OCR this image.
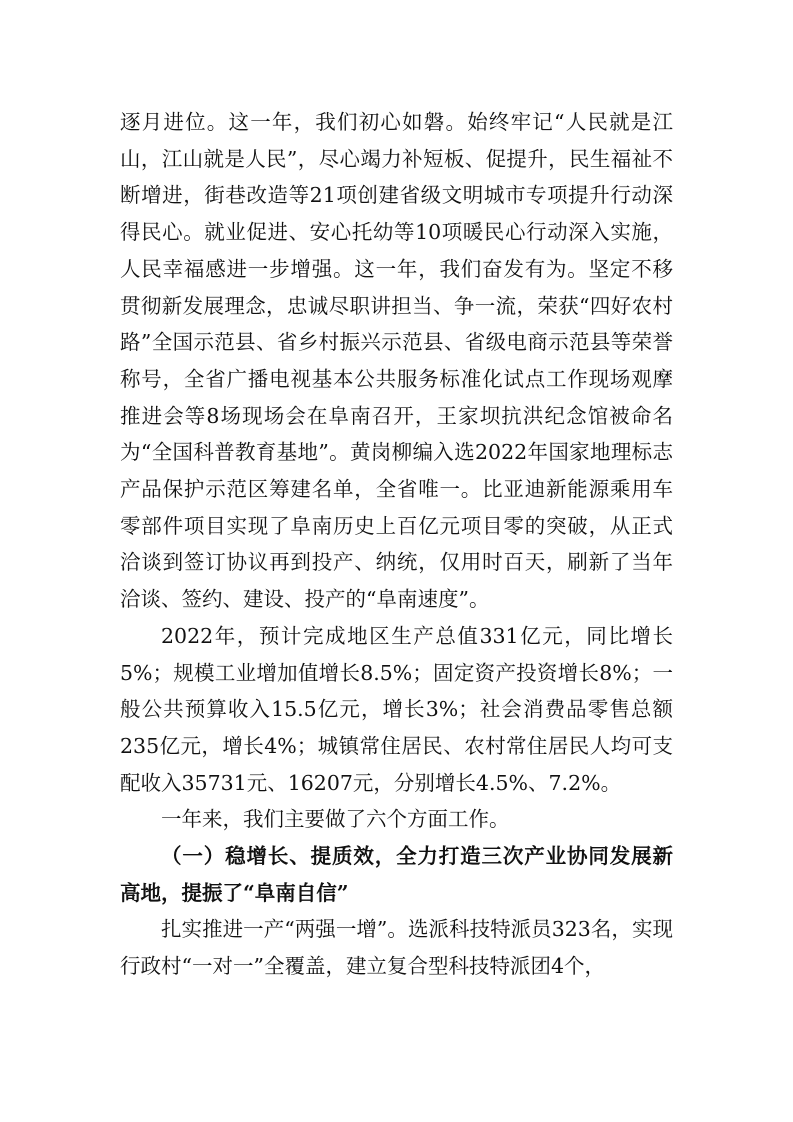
逐月进位。这一年，我们初心如磐。始终牢记“人民就是江山，江山就是人民”，尽心竭力补短板、促提升，民生福祉不断增进，街巷改造等21项创建省级文明城市专项提升行动深得民心。就业促进、安心托幼等10项暖民心行动深入实施，人民幸福感进一步增强。这一年，我们奋发有为。坚定不移贯彻新发展理念，忠诚尽职讲担当、争一流，荣获“四好农村路”全国示范县、省乡村振兴示范县、省级电商示范县等荣誉称号，全省广播电视基本公共服务标准化试点工作现场观摩推进会等8场现场会在阜南召开，王家坝抗洪纪念馆被命名为“全国科普教育基地”。黄岗柳编入选2022年国家地理标志产品保护示范区筹建名单，全省唯一。比亚迪新能源乘用车零部件项目实现了阜南历史上百亿元项目零的突破，从正式洽谈到签订协议再到投产、纳统，仅用时百天，刷新了当年洽谈、签约、建设、投产的“阜南速度”。

2022年，预计完成地区生产总值331亿元，同比增长5%；规模工业增加值增长8.5%；固定资产投资增长8%；一般公共预算收入15.5亿元，增长3%；社会消费品零售总额235亿元，增长4%；城镇常住居民、农村常住居民人均可支配收入35731元、16207元，分别增长4.5%、7.2%。

一年来，我们主要做了六个方面工作。

（一）稳增长、提质效，全力打造三次产业协同发展新高地，提振了“阜南自信”

扎实推进一产“两强一增”。选派科技特派员323名，实现行政村“一对一”全覆盖，建立复合型科技特派团4个，
